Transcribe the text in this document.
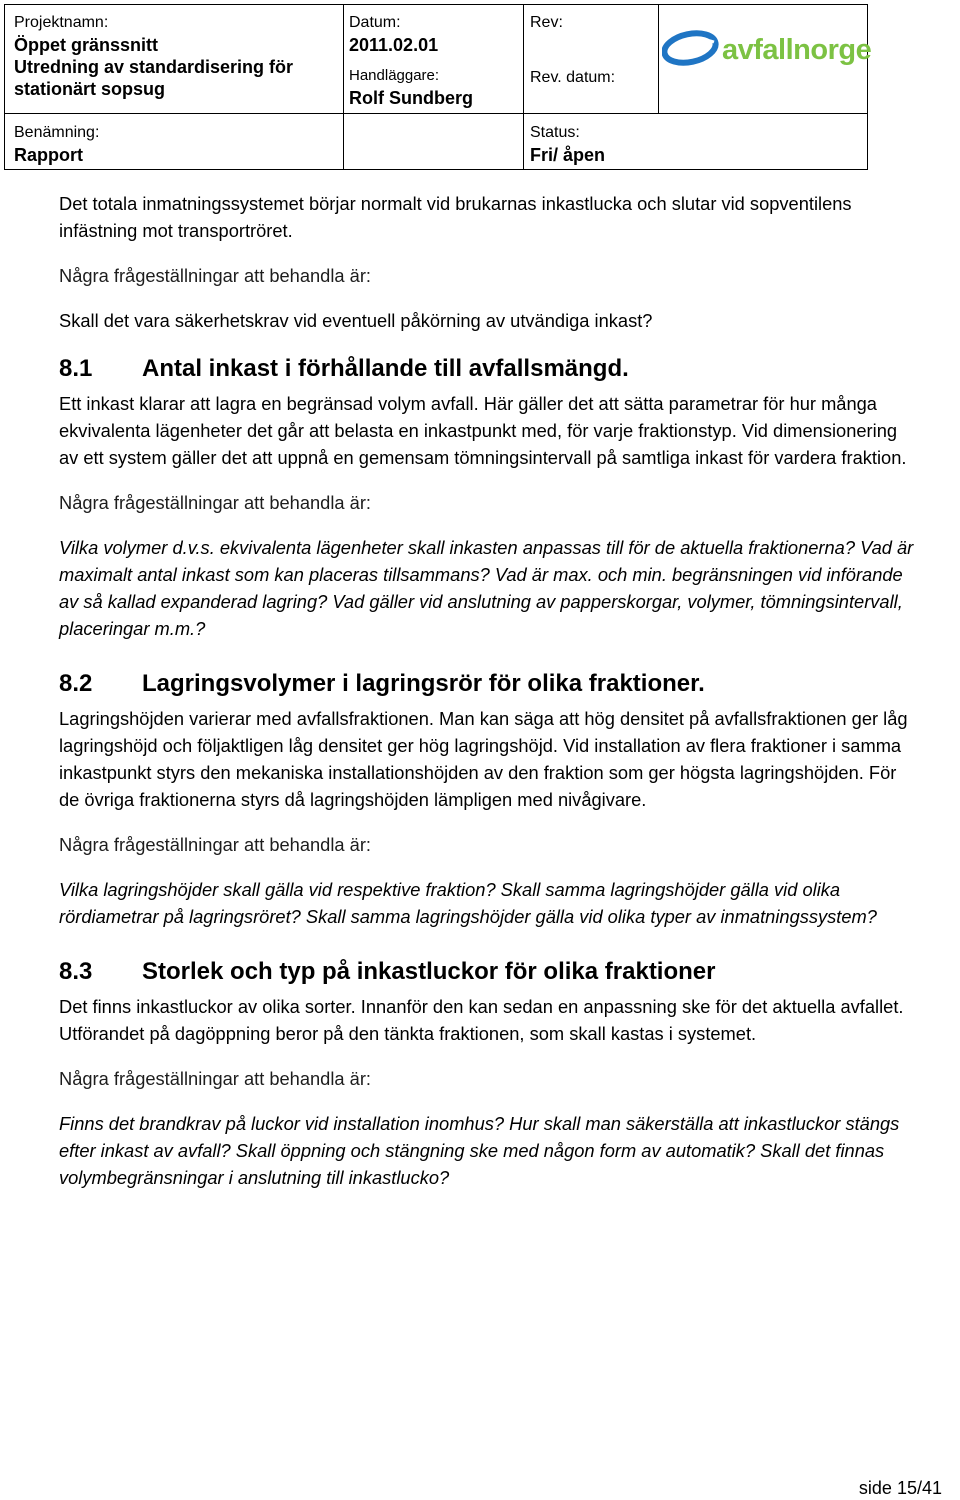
Projektnamn:
Öppet gränssnitt
Utredning av standardisering för
stationärt sopsug
Datum:
2011.02.01
Handläggare:
Rolf Sundberg
Rev:
Rev. datum:
Benämning:
Rapport
Status:
Fri/ åpen
avfallnorge

Det totala inmatningssystemet börjar normalt vid brukarnas inkastlucka och slutar vid sopventilens infästning mot transportröret.

Några frågeställningar att behandla är:

Skall det vara säkerhetskrav vid eventuell påkörning av utvändiga inkast?

8.1 Antal inkast i förhållande till avfallsmängd.

Ett inkast klarar att lagra en begränsad volym avfall. Här gäller det att sätta parametrar för hur många ekvivalenta lägenheter det går att belasta en inkastpunkt med, för varje fraktionstyp. Vid dimensionering av ett system gäller det att uppnå en gemensam tömningsintervall på samtliga inkast för vardera fraktion.

Några frågeställningar att behandla är:

Vilka volymer d.v.s. ekvivalenta lägenheter skall inkasten anpassas till för de aktuella fraktionerna? Vad är maximalt antal inkast som kan placeras tillsammans? Vad är max. och min. begränsningen vid införande av så kallad expanderad lagring? Vad gäller vid anslutning av papperskorgar, volymer, tömningsintervall, placeringar m.m.?

8.2 Lagringsvolymer i lagringsrör för olika fraktioner.

Lagringshöjden varierar med avfallsfraktionen. Man kan säga att hög densitet på avfallsfraktionen ger låg lagringshöjd och följaktligen låg densitet ger hög lagringshöjd. Vid installation av flera fraktioner i samma inkastpunkt styrs den mekaniska installationshöjden av den fraktion som ger högsta lagringshöjden. För de övriga fraktionerna styrs då lagringshöjden lämpligen med nivågivare.

Några frågeställningar att behandla är:

Vilka lagringshöjder skall gälla vid respektive fraktion? Skall samma lagringshöjder gälla vid olika rördiametrar på lagringsröret? Skall samma lagringshöjder gälla vid olika typer av inmatningssystem?

8.3 Storlek och typ på inkastluckor för olika fraktioner

Det finns inkastluckor av olika sorter. Innanför den kan sedan en anpassning ske för det aktuella avfallet. Utförandet på dagöppning beror på den tänkta fraktionen, som skall kastas i systemet.

Några frågeställningar att behandla är:

Finns det brandkrav på luckor vid installation inomhus? Hur skall man säkerställa att inkastluckor stängs efter inkast av avfall? Skall öppning och stängning ske med någon form av automatik? Skall det finnas volymbegränsningar i anslutning till inkastlucko?

side 15/41
